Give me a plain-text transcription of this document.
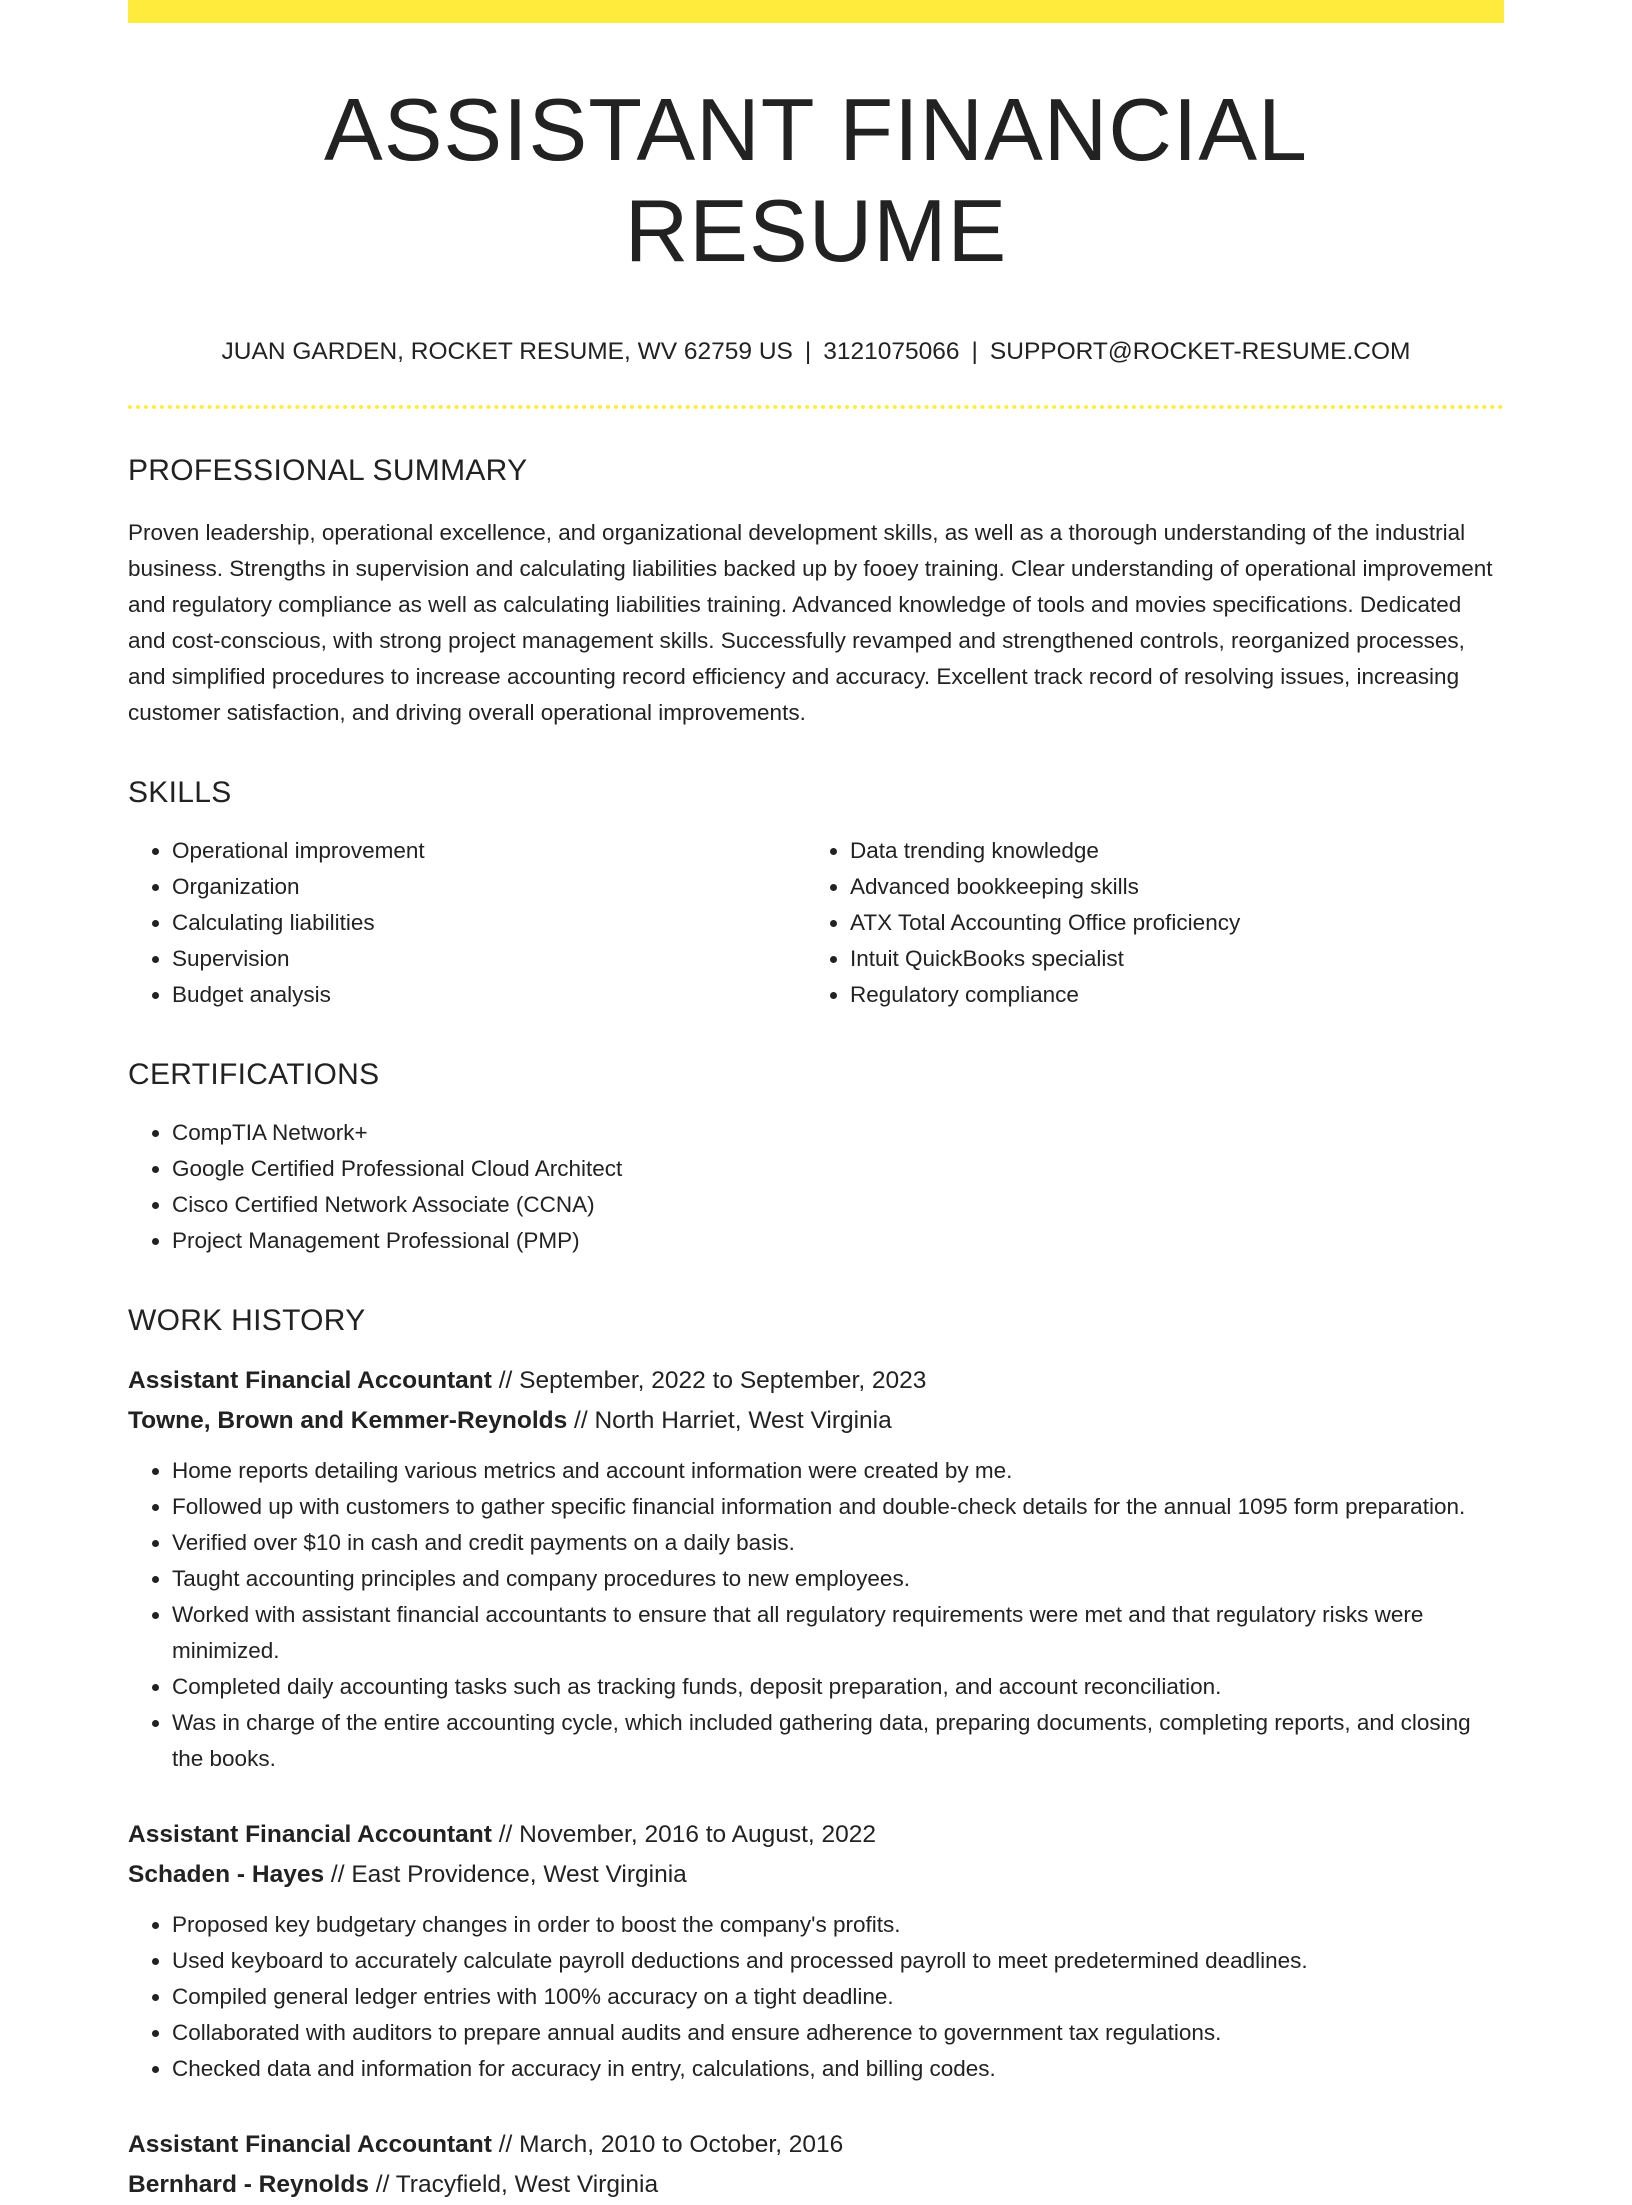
ASSISTANT FINANCIAL RESUME
JUAN GARDEN, ROCKET RESUME, WV 62759 US | 3121075066 | SUPPORT@ROCKET-RESUME.COM
PROFESSIONAL SUMMARY

Proven leadership, operational excellence, and organizational development skills, as well as a thorough understanding of the industrial business. Strengths in supervision and calculating liabilities backed up by fooey training. Clear understanding of operational improvement and regulatory compliance as well as calculating liabilities training. Advanced knowledge of tools and movies specifications. Dedicated and cost-conscious, with strong project management skills. Successfully revamped and strengthened controls, reorganized processes, and simplified procedures to increase accounting record efficiency and accuracy. Excellent track record of resolving issues, increasing customer satisfaction, and driving overall operational improvements.

SKILLS
• Operational improvement
• Organization
• Calculating liabilities
• Supervision
• Budget analysis
• Data trending knowledge
• Advanced bookkeeping skills
• ATX Total Accounting Office proficiency
• Intuit QuickBooks specialist
• Regulatory compliance
CERTIFICATIONS
• CompTIA Network+
• Google Certified Professional Cloud Architect
• Cisco Certified Network Associate (CCNA)
• Project Management Professional (PMP)
WORK HISTORY
Assistant Financial Accountant // September, 2022 to September, 2023
Towne, Brown and Kemmer-Reynolds // North Harriet, West Virginia
• Home reports detailing various metrics and account information were created by me.
• Followed up with customers to gather specific financial information and double-check details for the annual 1095 form preparation.
• Verified over $10 in cash and credit payments on a daily basis.
• Taught accounting principles and company procedures to new employees.
• Worked with assistant financial accountants to ensure that all regulatory requirements were met and that regulatory risks were minimized.
• Completed daily accounting tasks such as tracking funds, deposit preparation, and account reconciliation.
• Was in charge of the entire accounting cycle, which included gathering data, preparing documents, completing reports, and closing the books.
Assistant Financial Accountant // November, 2016 to August, 2022
Schaden - Hayes // East Providence, West Virginia
• Proposed key budgetary changes in order to boost the company's profits.
• Used keyboard to accurately calculate payroll deductions and processed payroll to meet predetermined deadlines.
• Compiled general ledger entries with 100% accuracy on a tight deadline.
• Collaborated with auditors to prepare annual audits and ensure adherence to government tax regulations.
• Checked data and information for accuracy in entry, calculations, and billing codes.
Assistant Financial Accountant // March, 2010 to October, 2016
Bernhard - Reynolds // Tracyfield, West Virginia
